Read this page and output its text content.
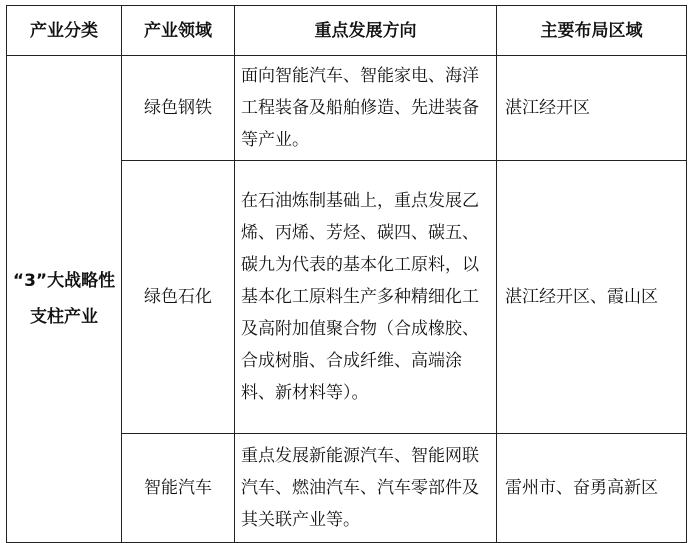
产业分类	产业领域	重点发展方向	主要布局区域
“3”大战略性支柱产业	绿色钢铁	面向智能汽车、智能家电、海洋工程装备及船舶修造、先进装备等产业。	湛江经开区
	绿色石化	在石油炼制基础上，重点发展乙烯、丙烯、芳烃、碳四、碳五、碳九为代表的基本化工原料，以基本化工原料生产多种精细化工及高附加值聚合物（合成橡胶、合成树脂、合成纤维、高端涂料、新材料等）。	湛江经开区、霞山区
	智能汽车	重点发展新能源汽车、智能网联汽车、燃油汽车、汽车零部件及其关联产业等。	雷州市、奋勇高新区
